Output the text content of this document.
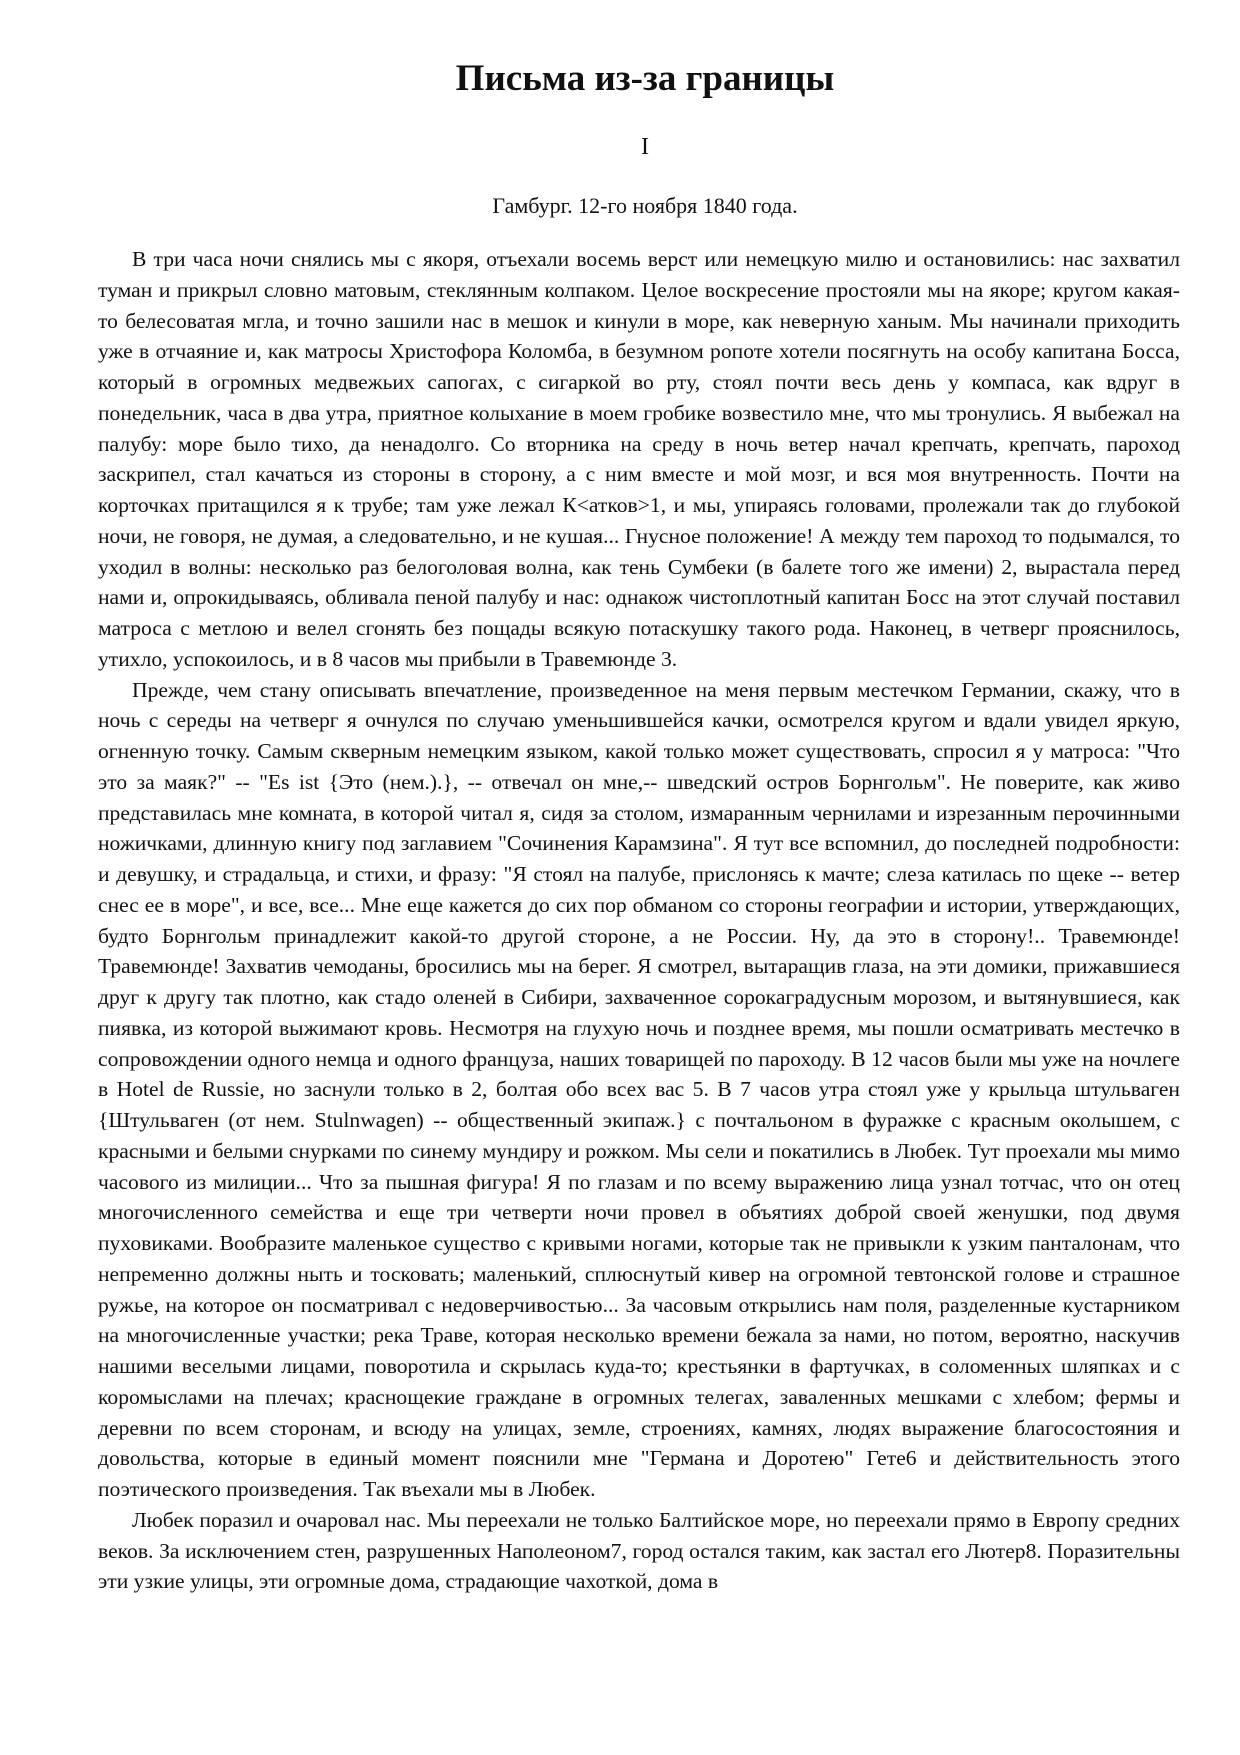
Письма из-за границы
I
Гамбург. 12-го ноября 1840 года.

В три часа ночи снялись мы с якоря, отъехали восемь верст или немецкую милю и остановились: нас захватил туман и прикрыл словно матовым, стеклянным колпаком. Целое воскресение простояли мы на якоре; кругом какая-то белесоватая мгла, и точно зашили нас в мешок и кинули в море, как неверную ханым. Мы начинали приходить уже в отчаяние и, как матросы Христофора Коломба, в безумном ропоте хотели посягнуть на особу капитана Босса, который в огромных медвежьих сапогах, с сигаркой во рту, стоял почти весь день у компаса, как вдруг в понедельник, часа в два утра, приятное колыхание в моем гробике возвестило мне, что мы тронулись. Я выбежал на палубу: море было тихо, да ненадолго. Со вторника на среду в ночь ветер начал крепчать, крепчать, пароход заскрипел, стал качаться из стороны в сторону, а с ним вместе и мой мозг, и вся моя внутренность. Почти на корточках притащился я к трубе; там уже лежал К<атков>1, и мы, упираясь головами, пролежали так до глубокой ночи, не говоря, не думая, а следовательно, и не кушая... Гнусное положение! А между тем пароход то подымался, то уходил в волны: несколько раз белоголовая волна, как тень Сумбеки (в балете того же имени) 2, вырастала перед нами и, опрокидываясь, обливала пеной палубу и нас: однакож чистоплотный капитан Босс на этот случай поставил матроса с метлою и велел сгонять без пощады всякую потаскушку такого рода. Наконец, в четверг прояснилось, утихло, успокоилось, и в 8 часов мы прибыли в Травемюнде 3.

Прежде, чем стану описывать впечатление, произведенное на меня первым местечком Германии, скажу, что в ночь с середы на четверг я очнулся по случаю уменьшившейся качки, осмотрелся кругом и вдали увидел яркую, огненную точку. Самым скверным немецким языком, какой только может существовать, спросил я у матроса: "Что это за маяк?" -- "Es ist {Это (нем.).}, -- отвечал он мне,-- шведский остров Борнгольм". Не поверите, как живо представилась мне комната, в которой читал я, сидя за столом, измаранным чернилами и изрезанным перочинными ножичками, длинную книгу под заглавием "Сочинения Карамзина". Я тут все вспомнил, до последней подробности: и девушку, и страдальца, и стихи, и фразу: "Я стоял на палубе, прислонясь к мачте; слеза катилась по щеке -- ветер снес ее в море", и все, все... Мне еще кажется до сих пор обманом со стороны географии и истории, утверждающих, будто Борнгольм принадлежит какой-то другой стороне, а не России. Ну, да это в сторону!.. Травемюнде! Травемюнде! Захватив чемоданы, бросились мы на берег. Я смотрел, вытаращив глаза, на эти домики, прижавшиеся друг к другу так плотно, как стадо оленей в Сибири, захваченное сорокаградусным морозом, и вытянувшиеся, как пиявка, из которой выжимают кровь. Несмотря на глухую ночь и позднее время, мы пошли осматривать местечко в сопровождении одного немца и одного француза, наших товарищей по пароходу. В 12 часов были мы уже на ночлеге в Hotel de Russie, но заснули только в 2, болтая обо всех вас 5. В 7 часов утра стоял уже у крыльца штульваген {Штульваген (от нем. Stulnwagen) -- общественный экипаж.} с почтальоном в фуражке с красным околышем, с красными и белыми снурками по синему мундиру и рожком. Мы сели и покатились в Любек. Тут проехали мы мимо часового из милиции... Что за пышная фигура! Я по глазам и по всему выражению лица узнал тотчас, что он отец многочисленного семейства и еще три четверти ночи провел в объятиях доброй своей женушки, под двумя пуховиками. Вообразите маленькое существо с кривыми ногами, которые так не привыкли к узким панталонам, что непременно должны ныть и тосковать; маленький, сплюснутый кивер на огромной тевтонской голове и страшное ружье, на которое он посматривал с недоверчивостью... За часовым открылись нам поля, разделенные кустарником на многочисленные участки; река Траве, которая несколько времени бежала за нами, но потом, вероятно, наскучив нашими веселыми лицами, поворотила и скрылась куда-то; крестьянки в фартучках, в соломенных шляпках и с коромыслами на плечах; краснощекие граждане в огромных телегах, заваленных мешками с хлебом; фермы и деревни по всем сторонам, и всюду на улицах, земле, строениях, камнях, людях выражение благосостояния и довольства, которые в единый момент пояснили мне "Германа и Доротею" Гете6 и действительность этого поэтического произведения. Так въехали мы в Любек.

Любек поразил и очаровал нас. Мы переехали не только Балтийское море, но переехали прямо в Европу средних веков. За исключением стен, разрушенных Наполеоном7, город остался таким, как застал его Лютер8. Поразительны эти узкие улицы, эти огромные дома, страдающие чахоткой, дома в
